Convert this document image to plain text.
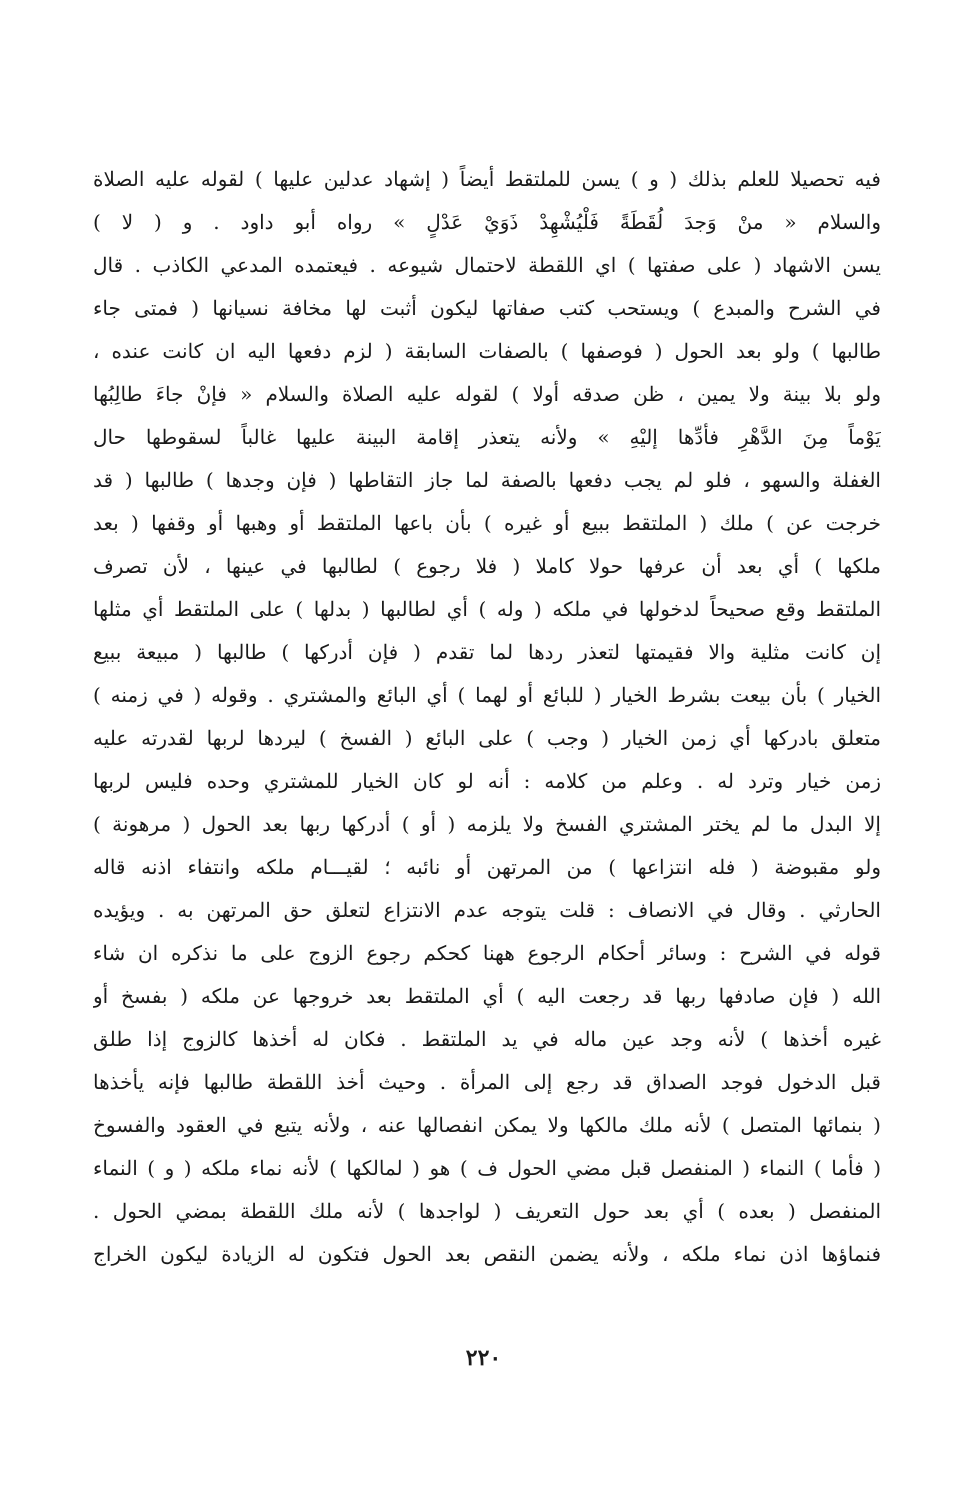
فيه تحصيلا للعلم بذلك ( و ) يسن للملتقط أيضاً ( إشهاد عدلين عليها ) لقوله عليه الصلاة
والسلام « منْ وَجدَ لُقَطَةً فَلْيُشْهِدْ ذَوَيْ عَدْلٍ » رواه أبو داود . و ( لا )
يسن الاشهاد ( على صفتها ) اي اللقطة لاحتمال شيوعه . فيعتمده المدعي الكاذب . قال
في الشرح والمبدع ) ويستحب كتب صفاتها ليكون أثبت لها مخافة نسيانها ( فمتى جاء
طالبها ) ولو بعد الحول ( فوصفها ) بالصفات السابقة ( لزم دفعها اليه ان كانت عنده ،
ولو بلا بينة ولا يمين ، ظن صدقه أولا ) لقوله عليه الصلاة والسلام « فإنْ جاءَ طالِبُها
يَوْماً مِنَ الدَّهْرِ فأدِّها إليْهِ » ولأنه يتعذر إقامة البينة عليها غالباً لسقوطها حال
الغفلة والسهو ، فلو لم يجب دفعها بالصفة لما جاز التقاطها ( فإن وجدها ) طالبها ( قد
خرجت عن ) ملك ( الملتقط ببيع أو غيره ) بأن باعها الملتقط أو وهبها أو وقفها ( بعد
ملكها ) أي بعد أن عرفها حولا كاملا ( فلا رجوع ) لطالبها في عينها ، لأن تصرف
الملتقط وقع صحيحاً لدخولها في ملكه ( وله ) أي لطالبها ( بدلها ) على الملتقط أي مثلها
إن كانت مثلية والا فقيمتها لتعذر ردها لما تقدم ( فإن أدركها ) طالبها ( مبيعة ببيع
الخيار ) بأن بيعت بشرط الخيار ( للبائع أو لهما ) أي البائع والمشتري . وقوله ( في زمنه )
متعلق بادركها أي زمن الخيار ( وجب ) على البائع ( الفسخ ) ليردها لربها لقدرته عليه
زمن خيار وترد له . وعلم من كلامه : أنه لو كان الخيار للمشتري وحده فليس لربها
إلا البدل ما لم يختر المشتري الفسخ ولا يلزمه ( أو ) أدركها ربها بعد الحول ( مرهونة )
ولو مقبوضة ( فله انتزاعها ) من المرتهن أو نائبه ؛ لقيـــام ملكه وانتفاء اذنه قاله
الحارثي . وقال في الانصاف : قلت يتوجه عدم الانتزاع لتعلق حق المرتهن به . ويؤيده
قوله في الشرح : وسائر أحكام الرجوع ههنا كحكم رجوع الزوج على ما نذكره ان شاء
الله ( فإن صادفها ربها قد رجعت اليه ) أي الملتقط بعد خروجها عن ملكه ( بفسخ أو
غيره أخذها ) لأنه وجد عين ماله في يد الملتقط . فكان له أخذها كالزوج إذا طلق
قبل الدخول فوجد الصداق قد رجع إلى المرأة . وحيث أخذ اللقطة طالبها فإنه يأخذها
( بنمائها المتصل ) لأنه ملك مالكها ولا يمكن انفصالها عنه ، ولأنه يتبع في العقود والفسوخ
( فأما ) النماء ( المنفصل قبل مضي الحول ف ) هو ( لمالكها ) لأنه نماء ملكه ( و ) النماء
المنفصل ( بعده ) أي بعد حول التعريف ( لواجدها ) لأنه ملك اللقطة بمضي الحول .
فنماؤها اذن نماء ملكه ، ولأنه يضمن النقص بعد الحول فتكون له الزيادة ليكون الخراج
٢٢٠
